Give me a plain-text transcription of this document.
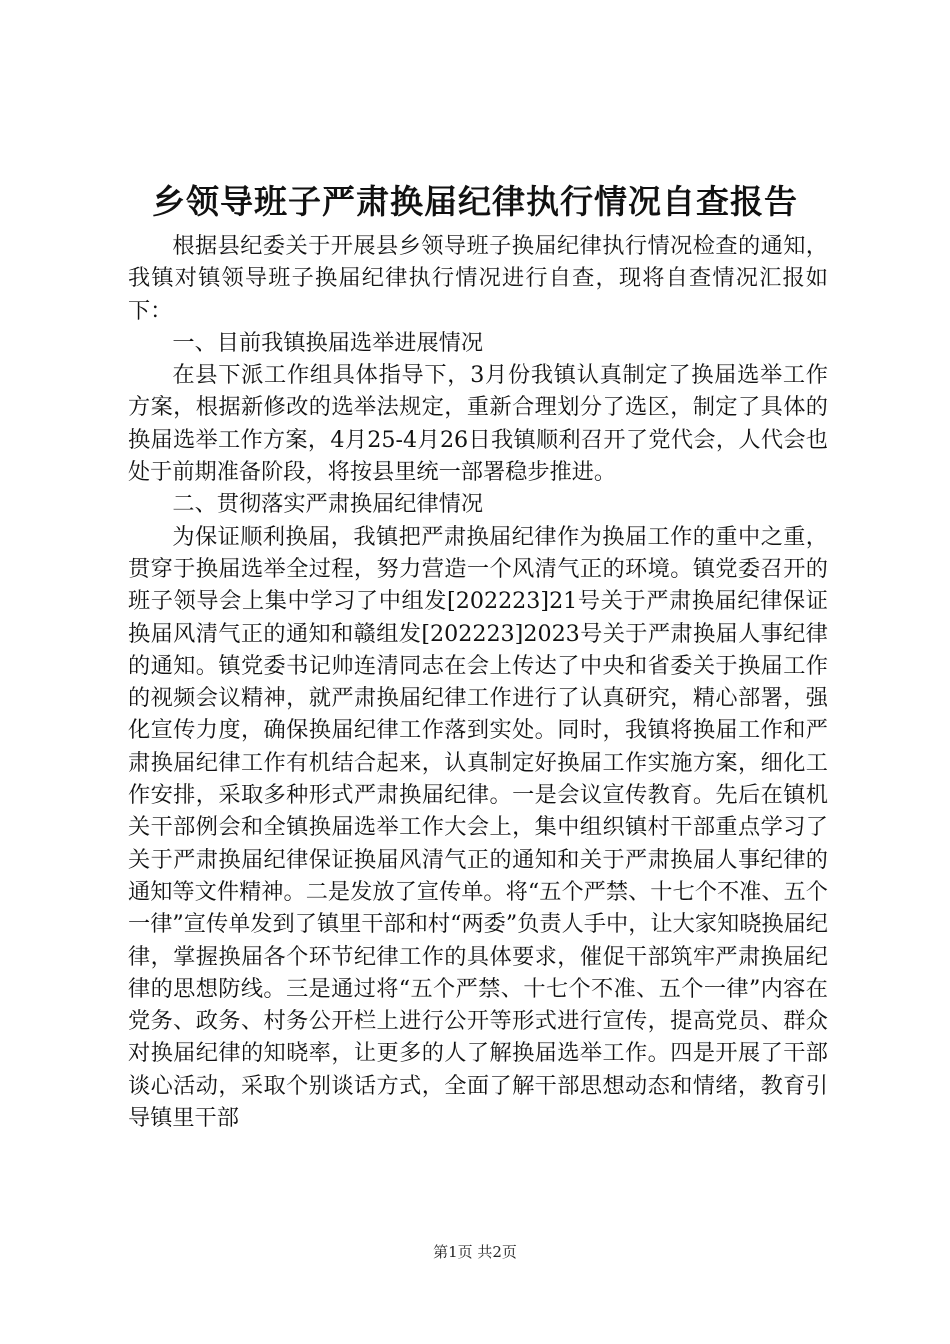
乡领导班子严肃换届纪律执行情况自查报告

根据县纪委关于开展县乡领导班子换届纪律执行情况检查的通知，我镇对镇领导班子换届纪律执行情况进行自查，现将自查情况汇报如下：

一、目前我镇换届选举进展情况

在县下派工作组具体指导下，3月份我镇认真制定了换届选举工作方案，根据新修改的选举法规定，重新合理划分了选区，制定了具体的换届选举工作方案，4月25-4月26日我镇顺利召开了党代会，人代会也处于前期准备阶段，将按县里统一部署稳步推进。

二、贯彻落实严肃换届纪律情况

为保证顺利换届，我镇把严肃换届纪律作为换届工作的重中之重，贯穿于换届选举全过程，努力营造一个风清气正的环境。镇党委召开的班子领导会上集中学习了中组发[202223]21号关于严肃换届纪律保证换届风清气正的通知和赣组发[202223]2023号关于严肃换届人事纪律的通知。镇党委书记帅连清同志在会上传达了中央和省委关于换届工作的视频会议精神，就严肃换届纪律工作进行了认真研究，精心部署，强化宣传力度，确保换届纪律工作落到实处。同时，我镇将换届工作和严肃换届纪律工作有机结合起来，认真制定好换届工作实施方案，细化工作安排，采取多种形式严肃换届纪律。一是会议宣传教育。先后在镇机关干部例会和全镇换届选举工作大会上，集中组织镇村干部重点学习了关于严肃换届纪律保证换届风清气正的通知和关于严肃换届人事纪律的通知等文件精神。二是发放了宣传单。将“五个严禁、十七个不准、五个一律”宣传单发到了镇里干部和村“两委”负责人手中，让大家知晓换届纪律，掌握换届各个环节纪律工作的具体要求，催促干部筑牢严肃换届纪律的思想防线。三是通过将“五个严禁、十七个不准、五个一律”内容在党务、政务、村务公开栏上进行公开等形式进行宣传，提高党员、群众对换届纪律的知晓率，让更多的人了解换届选举工作。四是开展了干部谈心活动，采取个别谈话方式，全面了解干部思想动态和情绪，教育引导镇里干部

第1页 共2页
